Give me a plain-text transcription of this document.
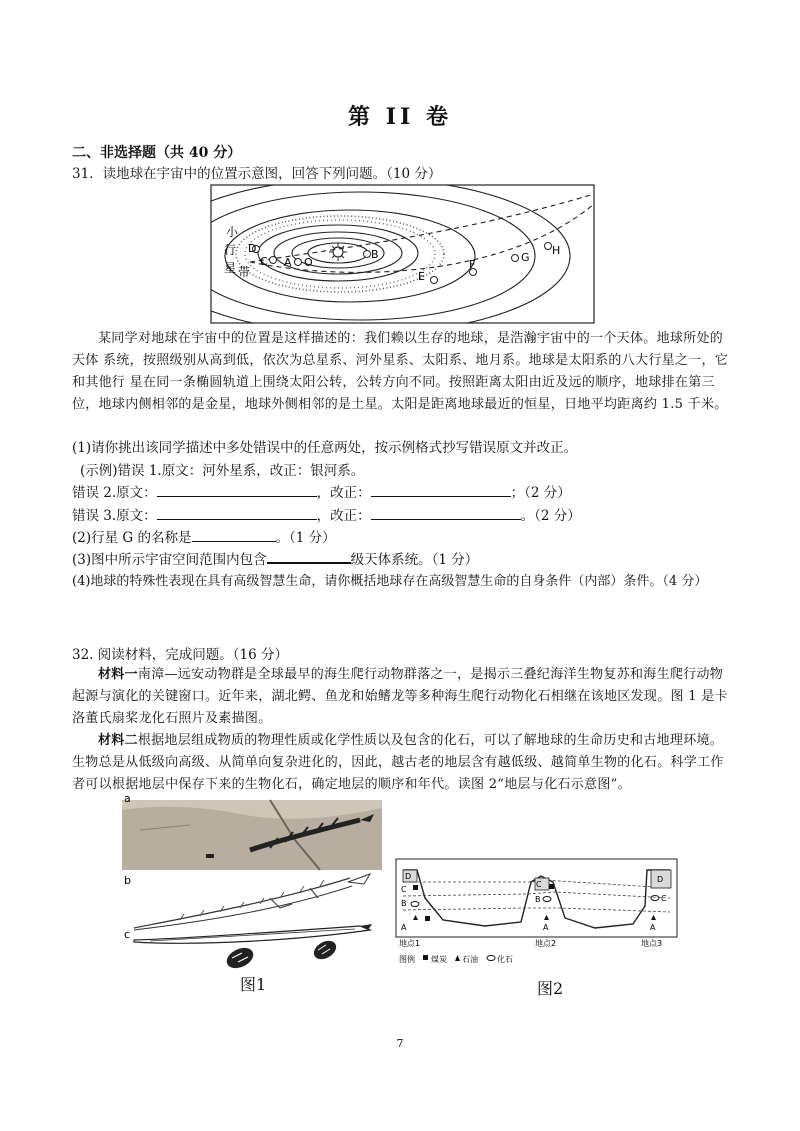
第 II 卷
二、非选择题（共 40 分）
31．读地球在宇宙中的位置示意图，回答下列问题。（10 分）
小
行
星 带
D
C A O
B
E
F
G
H
某同学对地球在宇宙中的位置是这样描述的：我们赖以生存的地球，是浩瀚宇宙中的一个天体。地球所处的天体 系统，按照级别从高到低，依次为总星系、河外星系、太阳系、地月系。地球是太阳系的八大行星之一，它和其他行 星在同一条椭圆轨道上围绕太阳公转，公转方向不同。按照距离太阳由近及远的顺序，地球排在第三位，地球内侧相邻的是金星，地球外侧相邻的是土星。太阳是距离地球最近的恒星，日地平均距离约 1.5 千米。
(1)请你挑出该同学描述中多处错误中的任意两处，按示例格式抄写错误原文并改正。
(示例)错误 1.原文：河外星系，改正：银河系。
错误 2.原文：	，改正：	；（2 分）
错误 3.原文：	，改正：	。（2 分）
(2)行星 G 的名称是	。（1 分）
(3)图中所示宇宙空间范围内包含	级天体系统。（1 分）
(4)地球的特殊性表现在具有高级智慧生命，请你概括地球存在高级智慧生命的自身条件（内部）条件。（4 分）
32. 阅读材料，完成问题。（16 分）
材料一南漳—远安动物群是全球最早的海生爬行动物群落之一，是揭示三叠纪海洋生物复苏和海生爬行动物起源与演化的关键窗口。近年来，湖北鳄、鱼龙和始鳍龙等多种海生爬行动物化石相继在该地区发现。图 1 是卡洛董氏扇桨龙化石照片及素描图。
材料二根据地层组成物质的物理性质或化学性质以及包含的化石，可以了解地球的生命历史和古地理环境。生物总是从低级向高级、从简单向复杂进化的，因此，越古老的地层含有越低级、越简单生物的化石。科学工作者可以根据地层中保存下来的生物化石，确定地层的顺序和年代。读图 2“地层与化石示意图”。
a
b
c
图1
D
C
B
A
C
B
A
D
C
A
地点1	地点2	地点3
图例 煤炭 石油 化石
图2
7
